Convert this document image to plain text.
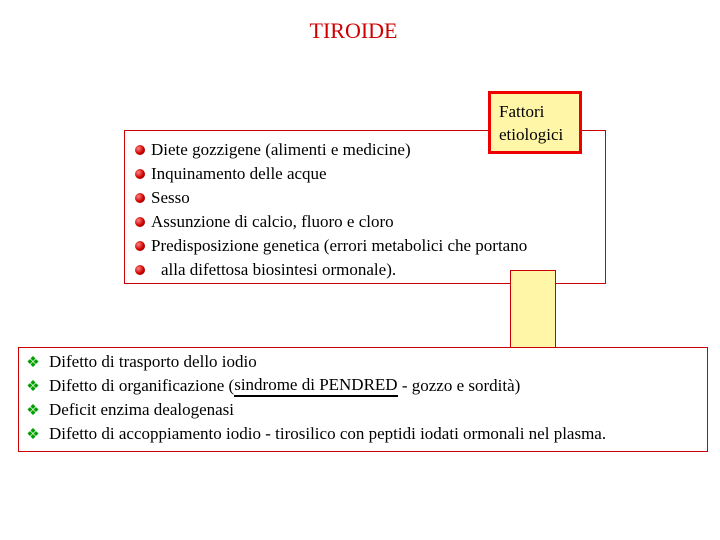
TIROIDE
Diete gozzigene (alimenti e medicine)
Inquinamento delle acque
Sesso
Assunzione di calcio, fluoro e cloro
Predisposizione genetica (errori metabolici che portano
alla difettosa biosintesi ormonale).
Fattori
etiologici
❖ Difetto di trasporto dello iodio
❖ Difetto di organificazione ( sindrome di PENDRED - gozzo e sordità)
❖ Deficit enzima dealogenasi
❖ Difetto di accoppiamento iodio - tirosilico con peptidi iodati ormonali nel plasma.
